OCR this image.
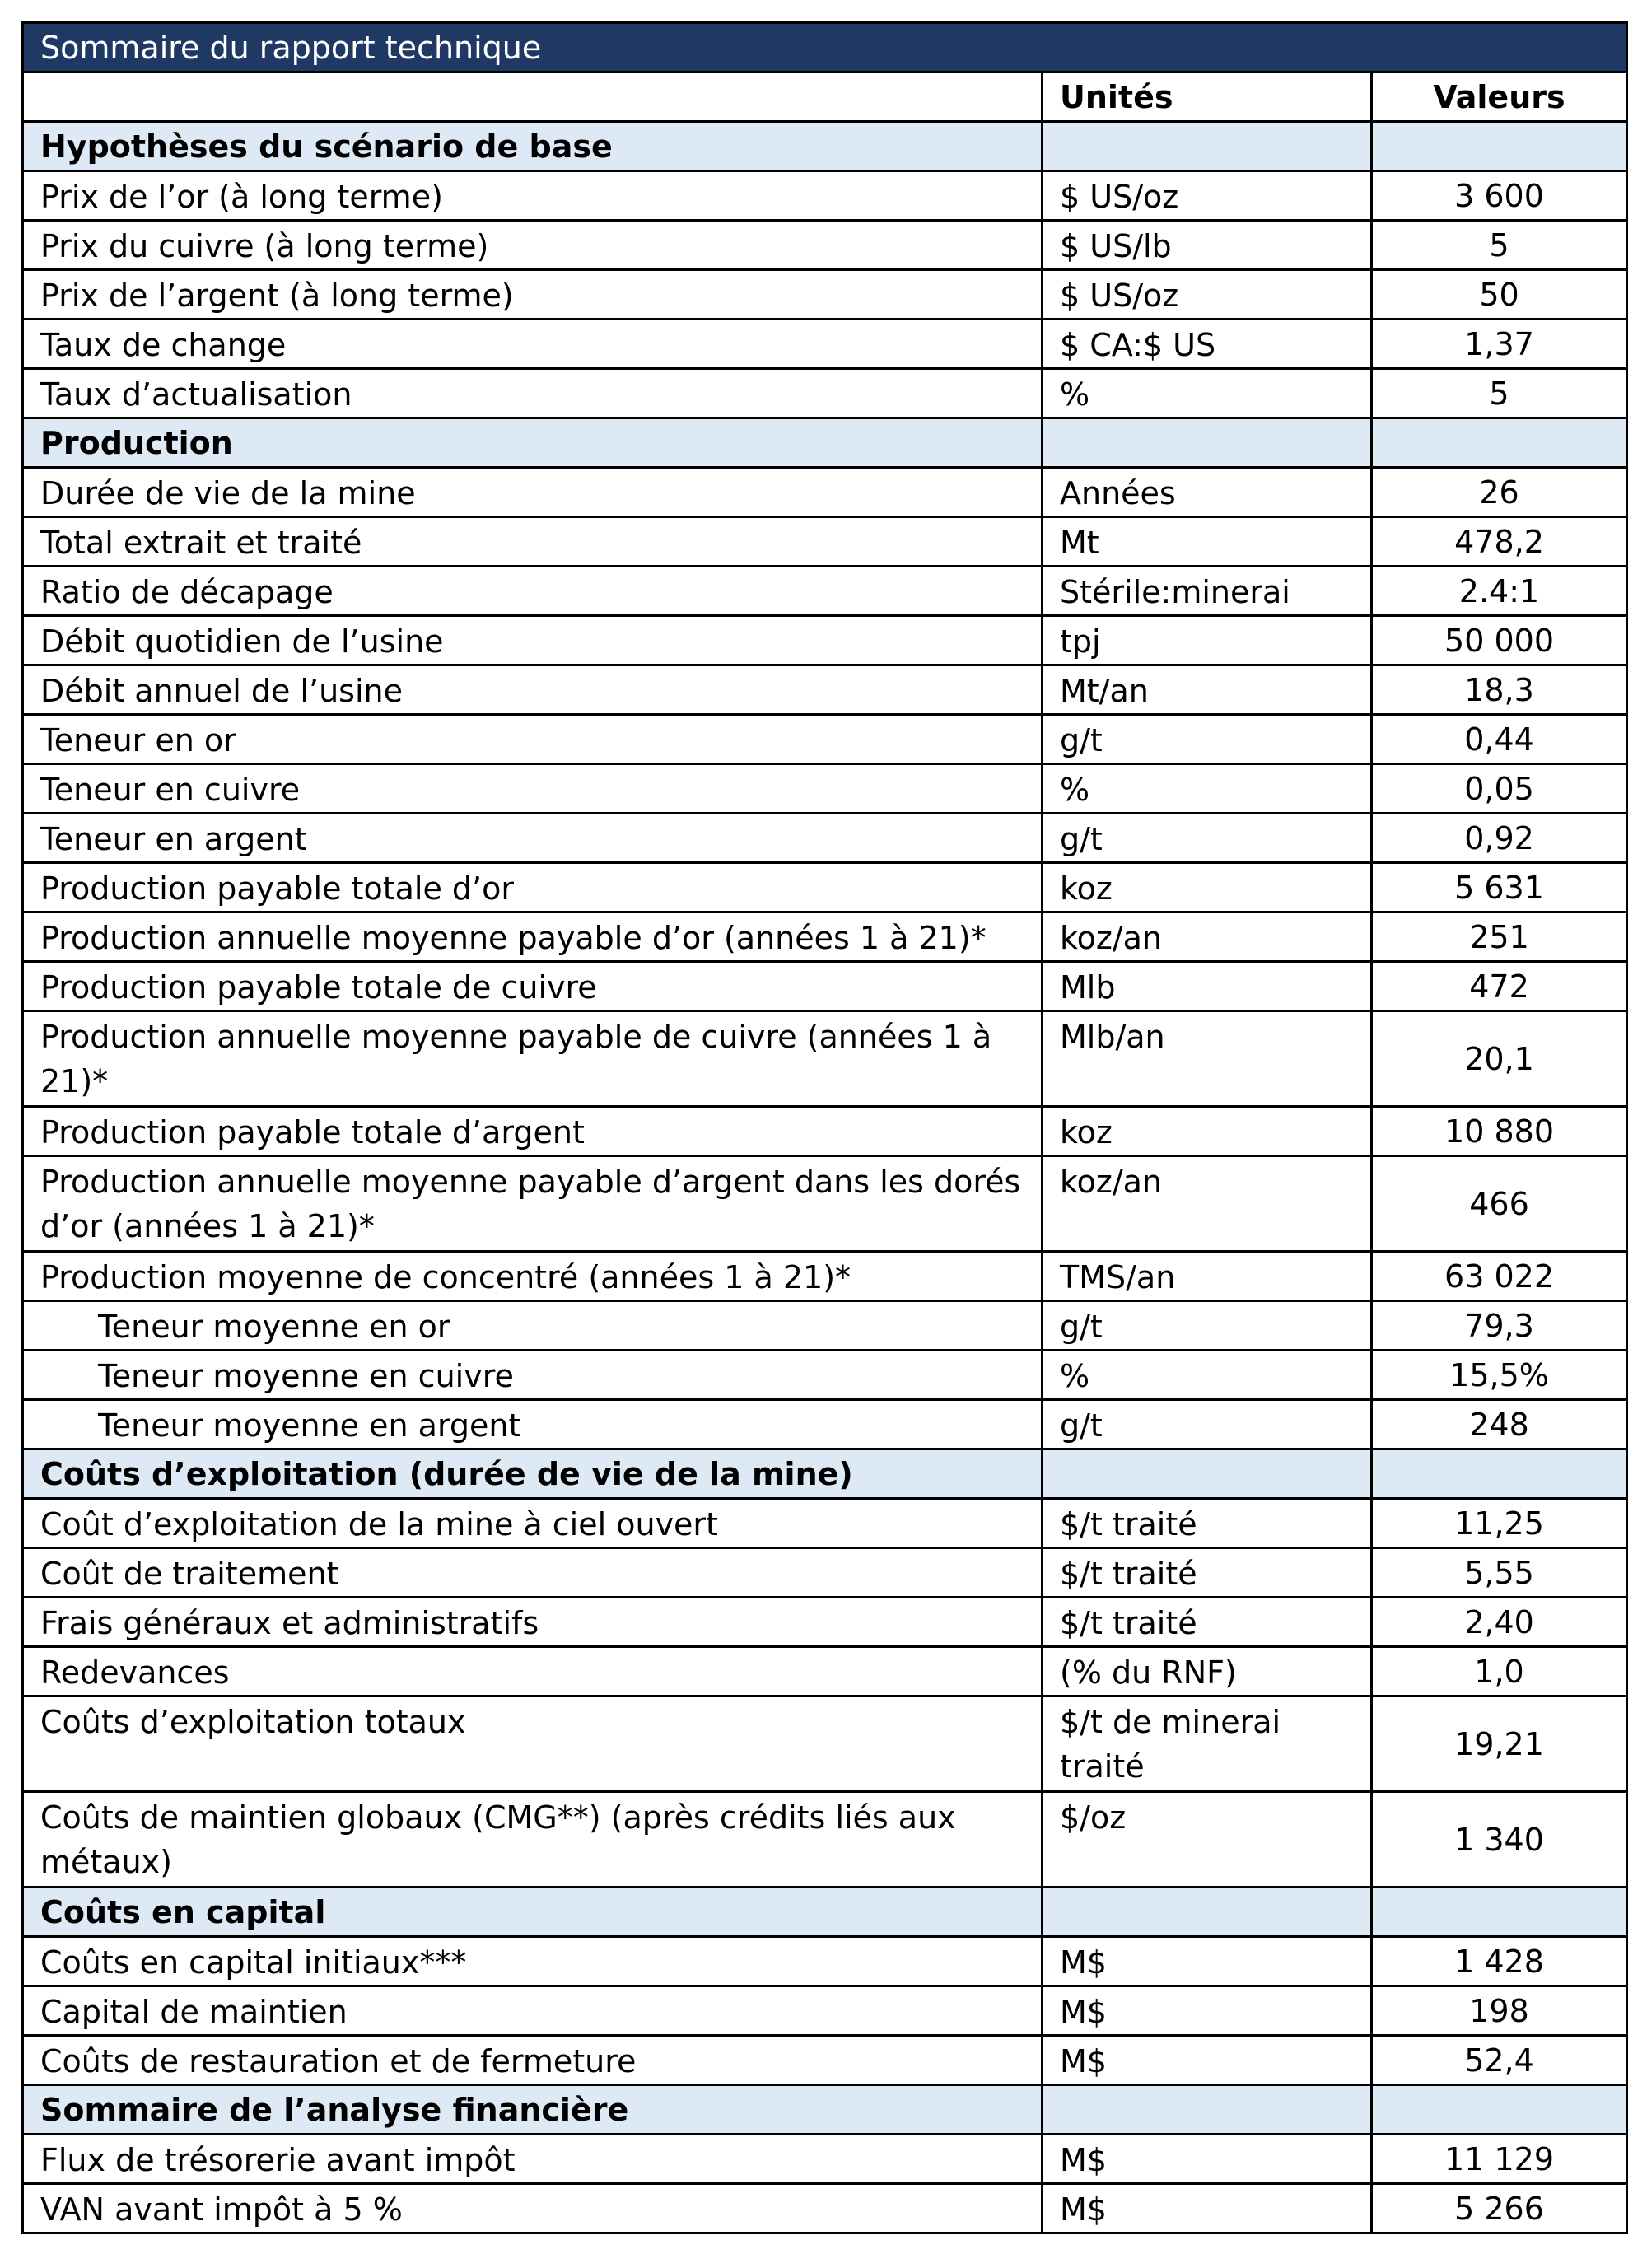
Sommaire du rapport technique		
	Unités	Valeurs
Hypothèses du scénario de base		
Prix de l’or (à long terme)	$ US/oz	3 600
Prix du cuivre (à long terme)	$ US/lb	5
Prix de l’argent (à long terme)	$ US/oz	50
Taux de change	$ CA:$ US	1,37
Taux d’actualisation	%	5
Production		
Durée de vie de la mine	Années	26
Total extrait et traité	Mt	478,2
Ratio de décapage	Stérile:minerai	2.4:1
Débit quotidien de l’usine	tpj	50 000
Débit annuel de l’usine	Mt/an	18,3
Teneur en or	g/t	0,44
Teneur en cuivre	%	0,05
Teneur en argent	g/t	0,92
Production payable totale d’or	koz	5 631
Production annuelle moyenne payable d’or (années 1 à 21)*	koz/an	251
Production payable totale de cuivre	Mlb	472
Production annuelle moyenne payable de cuivre (années 1 à 21)*	Mlb/an	20,1
Production payable totale d’argent	koz	10 880
Production annuelle moyenne payable d’argent dans les dorés d’or (années 1 à 21)*	koz/an	466
Production moyenne de concentré (années 1 à 21)*	TMS/an	63 022
Teneur moyenne en or	g/t	79,3
Teneur moyenne en cuivre	%	15,5%
Teneur moyenne en argent	g/t	248
Coûts d’exploitation (durée de vie de la mine)		
Coût d’exploitation de la mine à ciel ouvert	$/t traité	11,25
Coût de traitement	$/t traité	5,55
Frais généraux et administratifs	$/t traité	2,40
Redevances	(% du RNF)	1,0
Coûts d’exploitation totaux	$/t de minerai traité	19,21
Coûts de maintien globaux (CMG**) (après crédits liés aux métaux)	$/oz	1 340
Coûts en capital		
Coûts en capital initiaux***	M$	1 428
Capital de maintien	M$	198
Coûts de restauration et de fermeture	M$	52,4
Sommaire de l’analyse financière		
Flux de trésorerie avant impôt	M$	11 129
VAN avant impôt à 5 %	M$	5 266
